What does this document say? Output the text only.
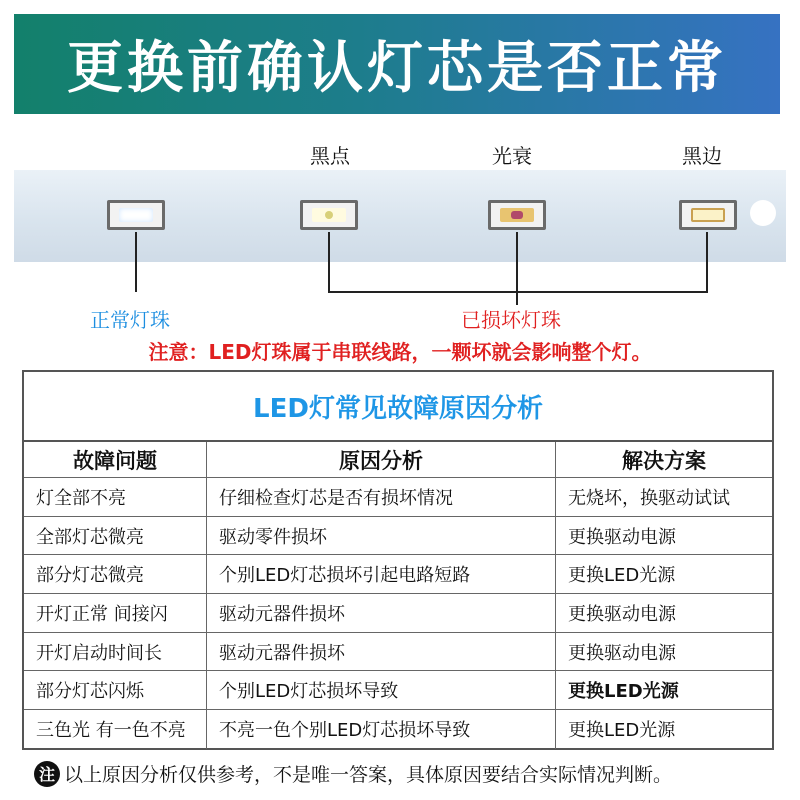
更换前确认灯芯是否正常
黑点	光衰	黑边
正常灯珠	已损坏灯珠
注意：LED灯珠属于串联线路，一颗坏就会影响整个灯。
LED灯常见故障原因分析
故障问题	原因分析	解决方案
灯全部不亮	仔细检查灯芯是否有损坏情况	无烧坏，换驱动试试
全部灯芯微亮	驱动零件损坏	更换驱动电源
部分灯芯微亮	个别LED灯芯损坏引起电路短路	更换LED光源
开灯正常 间接闪	驱动元器件损坏	更换驱动电源
开灯启动时间长	驱动元器件损坏	更换驱动电源
部分灯芯闪烁	个别LED灯芯损坏导致	更换LED光源
三色光 有一色不亮	不亮一色个别LED灯芯损坏导致	更换LED光源
注 以上原因分析仅供参考，不是唯一答案，具体原因要结合实际情况判断。
